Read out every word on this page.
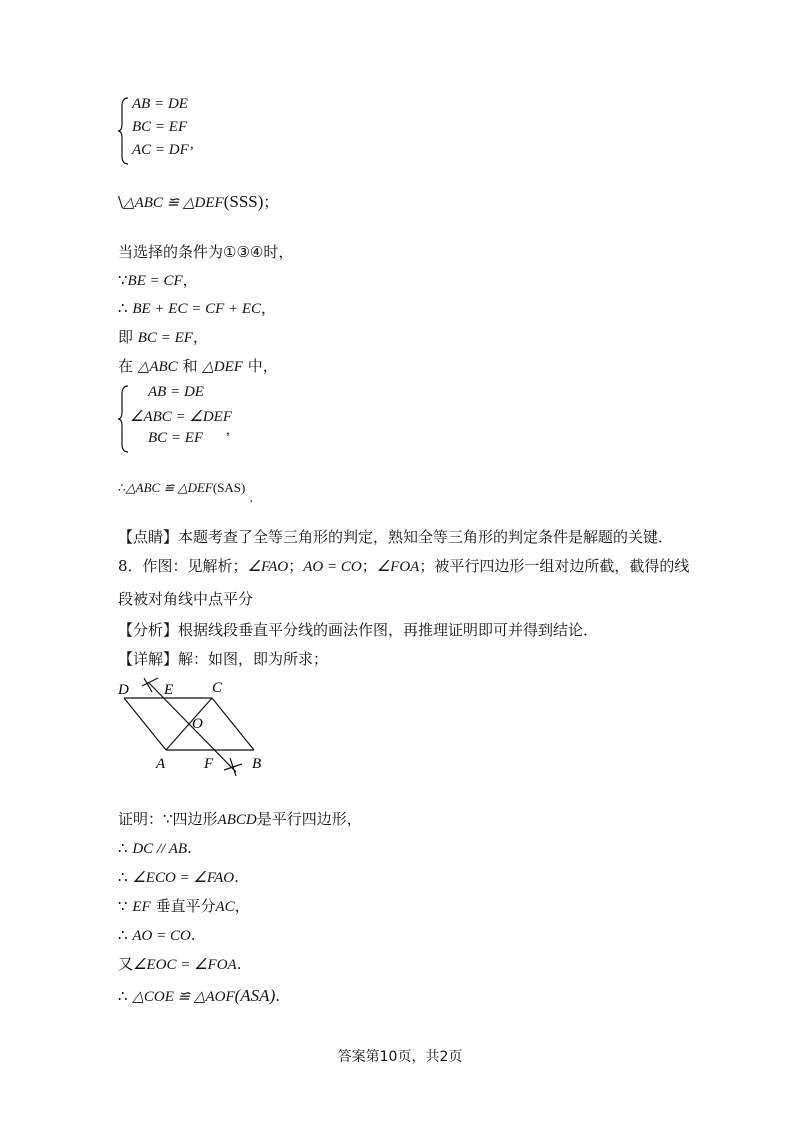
AB = DE
BC = EF
AC = DF ,
\△ABC ≌ △DEF(SSS)；
当选择的条件为①③④时，
∵BE = CF，
∴ BE + EC = CF + EC，
即 BC = EF，
在 △ABC 和 △DEF 中，
AB = DE
∠ABC = ∠DEF
BC = EF ,
∴△ABC ≌ △DEF(SAS).
【点睛】本题考查了全等三角形的判定，熟知全等三角形的判定条件是解题的关键．
8．作图：见解析；∠FAO；AO = CO；∠FOA；被平行四边形一组对边所截，截得的线
段被对角线中点平分
【分析】根据线段垂直平分线的画法作图，再推理证明即可并得到结论．
【详解】解：如图，即为所求；
D E	C
O
A	F	B
证明：∵四边形ABCD是平行四边形，
∴ DC // AB.
∴ ∠ECO = ∠FAO.
∵ EF 垂直平分AC，
∴ AO = CO.
又∠EOC = ∠FOA.
∴ △COE ≌ △AOF(ASA).
答案第10页，共2页
